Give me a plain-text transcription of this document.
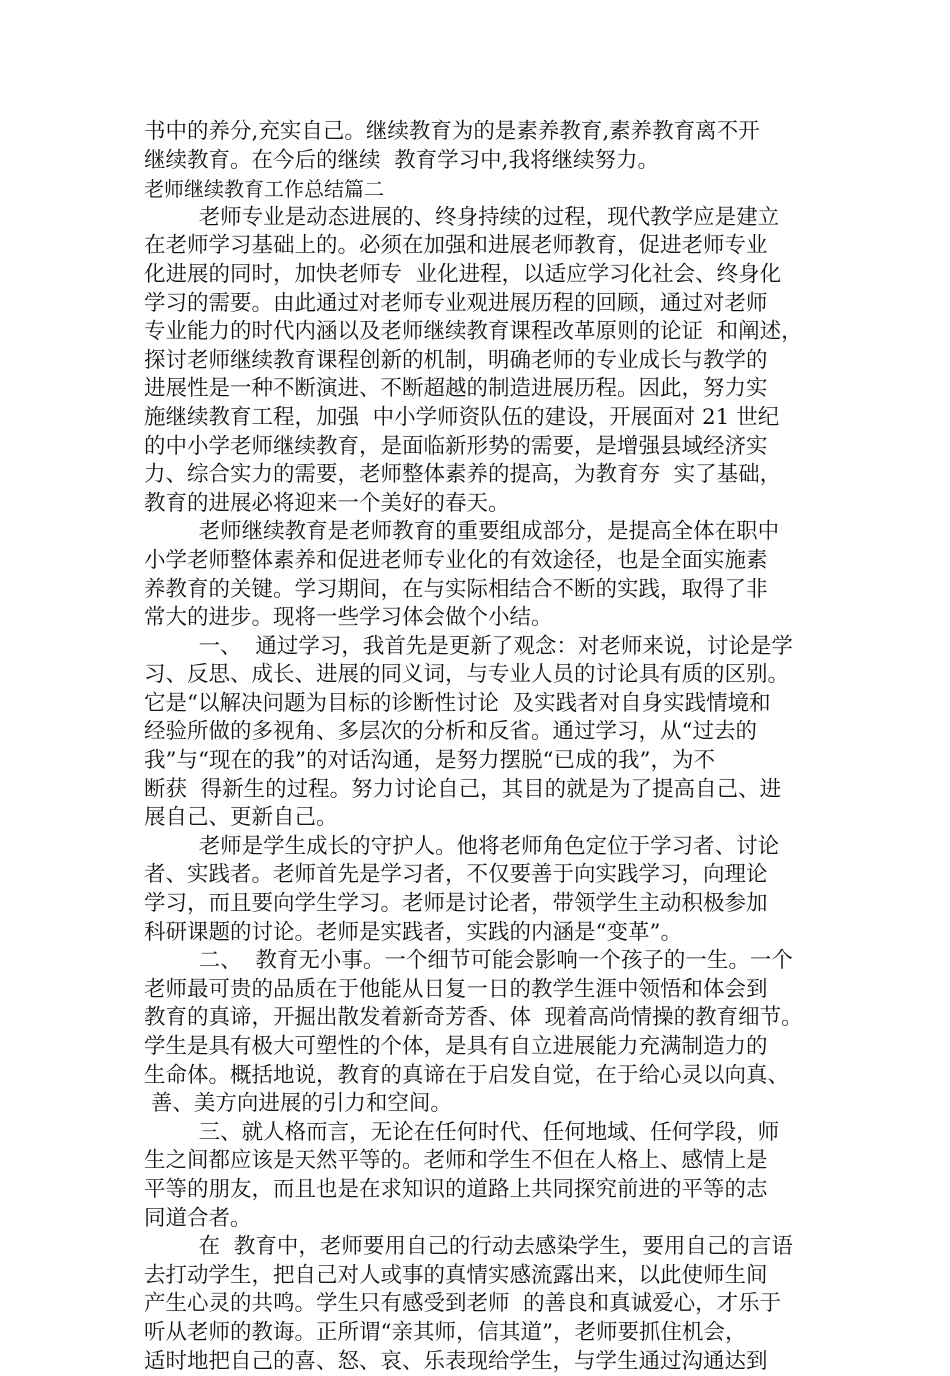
书中的养分,充实自己。继续教育为的是素养教育,素养教育离不开
继续教育。在今后的继续  教育学习中,我将继续努力。
老师继续教育工作总结篇二
老师专业是动态进展的、终身持续的过程，现代教学应是建立
在老师学习基础上的。必须在加强和进展老师教育，促进老师专业
化进展的同时，加快老师专  业化进程，以适应学习化社会、终身化
学习的需要。由此通过对老师专业观进展历程的回顾，通过对老师
专业能力的时代内涵以及老师继续教育课程改革原则的论证  和阐述，
探讨老师继续教育课程创新的机制，明确老师的专业成长与教学的
进展性是一种不断演进、不断超越的制造进展历程。因此，努力实
施继续教育工程，加强  中小学师资队伍的建设，开展面对 21 世纪
的中小学老师继续教育，是面临新形势的需要，是增强县域经济实
力、综合实力的需要，老师整体素养的提高，为教育夯  实了基础，
教育的进展必将迎来一个美好的春天。
老师继续教育是老师教育的重要组成部分，是提高全体在职中
小学老师整体素养和促进老师专业化的有效途径，也是全面实施素
养教育的关键。学习期间，在与实际相结合不断的实践，取得了非
常大的进步。现将一些学习体会做个小结。
一、  通过学习，我首先是更新了观念：对老师来说，讨论是学
习、反思、成长、进展的同义词，与专业人员的讨论具有质的区别。
它是“以解决问题为目标的诊断性讨论  及实践者对自身实践情境和
经验所做的多视角、多层次的分析和反省。通过学习，从“过去的
我”与“现在的我”的对话沟通，是努力摆脱“已成的我”，为不
断获  得新生的过程。努力讨论自己，其目的就是为了提高自己、进
展自己、更新自己。
老师是学生成长的守护人。他将老师角色定位于学习者、讨论
者、实践者。老师首先是学习者，不仅要善于向实践学习，向理论
学习，而且要向学生学习。老师是讨论者，带领学生主动积极参加
科研课题的讨论。老师是实践者，实践的内涵是“变革”。
二、  教育无小事。一个细节可能会影响一个孩子的一生。一个
老师最可贵的品质在于他能从日复一日的教学生涯中领悟和体会到
教育的真谛，开掘出散发着新奇芳香、体  现着高尚情操的教育细节。
学生是具有极大可塑性的个体，是具有自立进展能力充满制造力的
生命体。概括地说，教育的真谛在于启发自觉，在于给心灵以向真、
善、美方向进展的引力和空间。
三、就人格而言，无论在任何时代、任何地域、任何学段，师
生之间都应该是天然平等的。老师和学生不但在人格上、感情上是
平等的朋友，而且也是在求知识的道路上共同探究前进的平等的志
同道合者。
在  教育中，老师要用自己的行动去感染学生，要用自己的言语
去打动学生，把自己对人或事的真情实感流露出来，以此使师生间
产生心灵的共鸣。学生只有感受到老师  的善良和真诚爱心，才乐于
听从老师的教诲。正所谓“亲其师，信其道”，老师要抓住机会，
适时地把自己的喜、怒、哀、乐表现给学生，与学生通过沟通达到
